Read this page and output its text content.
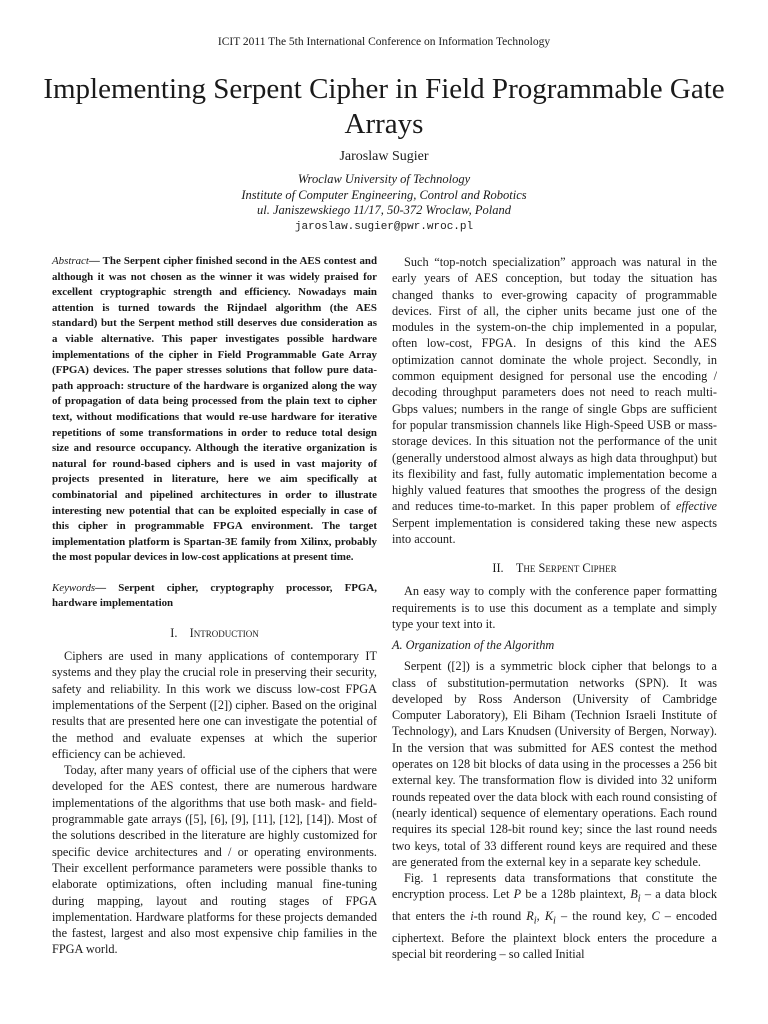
ICIT 2011 The 5th International Conference on Information Technology
Implementing Serpent Cipher in Field Programmable Gate Arrays
Jaroslaw Sugier
Wroclaw University of Technology
Institute of Computer Engineering, Control and Robotics
ul. Janiszewskiego 11/17, 50-372 Wroclaw, Poland
jaroslaw.sugier@pwr.wroc.pl

Abstract— The Serpent cipher finished second in the AES contest and although it was not chosen as the winner it was widely praised for excellent cryptographic strength and efficiency. Nowadays main attention is turned towards the Rijndael algorithm (the AES standard) but the Serpent method still deserves due consideration as a viable alternative. This paper investigates possible hardware implementations of the cipher in Field Programmable Gate Array (FPGA) devices. The paper stresses solutions that follow pure data-path approach: structure of the hardware is organized along the way of propagation of data being processed from the plain text to cipher text, without modifications that would re-use hardware for iterative repetitions of some transformations in order to reduce total design size and resource occupancy. Although the iterative organization is natural for round-based ciphers and is used in vast majority of projects presented in literature, here we aim specifically at combinatorial and pipelined architectures in order to illustrate interesting new potential that can be exploited especially in case of this cipher in programmable FPGA environment. The target implementation platform is Spartan-3E family from Xilinx, probably the most popular devices in low-cost applications at present time.

Keywords— Serpent cipher, cryptography processor, FPGA, hardware implementation

I. Introduction

Ciphers are used in many applications of contemporary IT systems and they play the crucial role in preserving their security, safety and reliability. In this work we discuss low-cost FPGA implementations of the Serpent ([2]) cipher. Based on the original results that are presented here one can investigate the potential of the method and evaluate expenses at which the superior efficiency can be achieved.

Today, after many years of official use of the ciphers that were developed for the AES contest, there are numerous hardware implementations of the algorithms that use both mask- and field-programmable gate arrays ([5], [6], [9], [11], [12], [14]). Most of the solutions described in the literature are highly customized for specific device architectures and / or operating environments. Their excellent performance parameters were possible thanks to elaborate optimizations, often including manual fine-tuning during mapping, layout and routing stages of FPGA implementation. Hardware platforms for these projects demanded the fastest, largest and also most expensive chip families in the FPGA world.

Such “top-notch specialization” approach was natural in the early years of AES conception, but today the situation has changed thanks to ever-growing capacity of programmable devices. First of all, the cipher units became just one of the modules in the system-on-the chip implemented in a popular, often low-cost, FPGA. In designs of this kind the AES optimization cannot dominate the whole project. Secondly, in common equipment designed for personal use the encoding / decoding throughput parameters does not need to reach multi-Gbps values; numbers in the range of single Gbps are sufficient for popular transmission channels like High-Speed USB or mass-storage devices. In this situation not the performance of the unit (generally understood almost always as high data throughput) but its flexibility and fast, fully automatic implementation become a highly valued features that smoothes the progress of the design and reduces time-to-market. In this paper problem of effective Serpent implementation is considered taking these new aspects into account.

II. The Serpent Cipher

An easy way to comply with the conference paper formatting requirements is to use this document as a template and simply type your text into it.

A. Organization of the Algorithm

Serpent ([2]) is a symmetric block cipher that belongs to a class of substitution-permutation networks (SPN). It was developed by Ross Anderson (University of Cambridge Computer Laboratory), Eli Biham (Technion Israeli Institute of Technology), and Lars Knudsen (University of Bergen, Norway). In the version that was submitted for AES contest the method operates on 128 bit blocks of data using in the processes a 256 bit external key. The transformation flow is divided into 32 uniform rounds repeated over the data block with each round consisting of (nearly identical) sequence of elementary operations. Each round requires its special 128-bit round key; since the last round needs two keys, total of 33 different round keys are required and these are generated from the external key in a separate key schedule.

Fig. 1 represents data transformations that constitute the encryption process. Let P be a 128b plaintext, $B_i$ – a data block that enters the i-th round $R_i$, $K_i$ – the round key, C – encoded ciphertext. Before the plaintext block enters the procedure a special bit reordering – so called Initial
